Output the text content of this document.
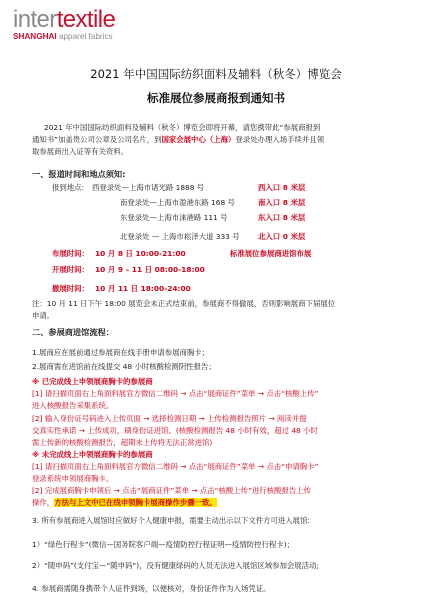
intertextile
SHANGHAI apparel fabrics
2021 年中国国际纺织面料及辅料（秋冬）博览会
标准展位参展商报到通知书
2021 年中国国际纺织面料及辅料（秋冬）博览会即将开幕，请您携带此“参展商报到
通知书”加盖贵公司公章及公司名片，到国家会展中心（上海）登录处办理入场手续并且领
取参展商出入证等有关资料。
一、报道时间和地点须知:
报到地点: 西登录处—上海市诸光路 1888 号	西入口 8 米层
南登录处—上海市盈港东路 168 号	南入口 8 米层
东登录处—上海市涞港路 111 号	东入口 8 米层
北登录处 — 上海市崧泽大道 333 号 北入口 0 米层
布展时间： 10 月 8 日 10:00-21:00	标准展位参展商进馆布展
开展时间： 10 月 9 – 11 日 08:00-18:00
撤展时间： 10 月 11 日 18:00-24:00
注：10 月 11 日下午 18:00 展览会未正式结束前，参展商不得撤展，否则影响展商下届展位
申请。
二、参展商进馆流程：
1.展商应在展前通过参展商在线手册申请参展商胸卡；
2.展商需在进馆前在线提交 48 小时核酸检测阴性报告；
※ 已完成线上申领展商胸卡的参展商
[1] 请扫描页面右上角面料展官方微信二维码 → 点击“展商证件”菜单 → 点击“核酸上传”
进入核酸报告采集系统。
[2] 输入身份证号码进入上传页面 → 选择检测日期 → 上传检测报告照片 → 阅读并提
交真实性承诺 → 上传成功，刷身份证进馆。(核酸检测报告 48 小时有效，超过 48 小时
需上传新的核酸检测报告，超期未上传将无法正常进馆)
※ 未完成线上申领展商胸卡的参展商
[1] 请扫描页面右上角面料展官方微信二维码 → 点击“展商证件”菜单 → 点击“申请胸卡”
登录系统申领展商胸卡。
[2] 完成展商胸卡申领后 → 点击“展商证件”菜单 → 点击“核酸上传”进行核酸报告上传
操作，方法与上文中已在线申领胸卡展商操作步骤一致。
3. 所有参展商进入展馆时应做好个人健康申报，需要主动出示以下文件方可进入展馆:
1）“绿色行程卡”(微信—国务院客户端—疫情防控行程证明—疫情防控行程卡)；
2）“随申码”(支付宝—“随申码”)，没有健康绿码的人员无法进入展馆区域参加会展活动;
4. 参展商需随身携带个人证件到场，以便核对，身份证件作为入场凭证。
